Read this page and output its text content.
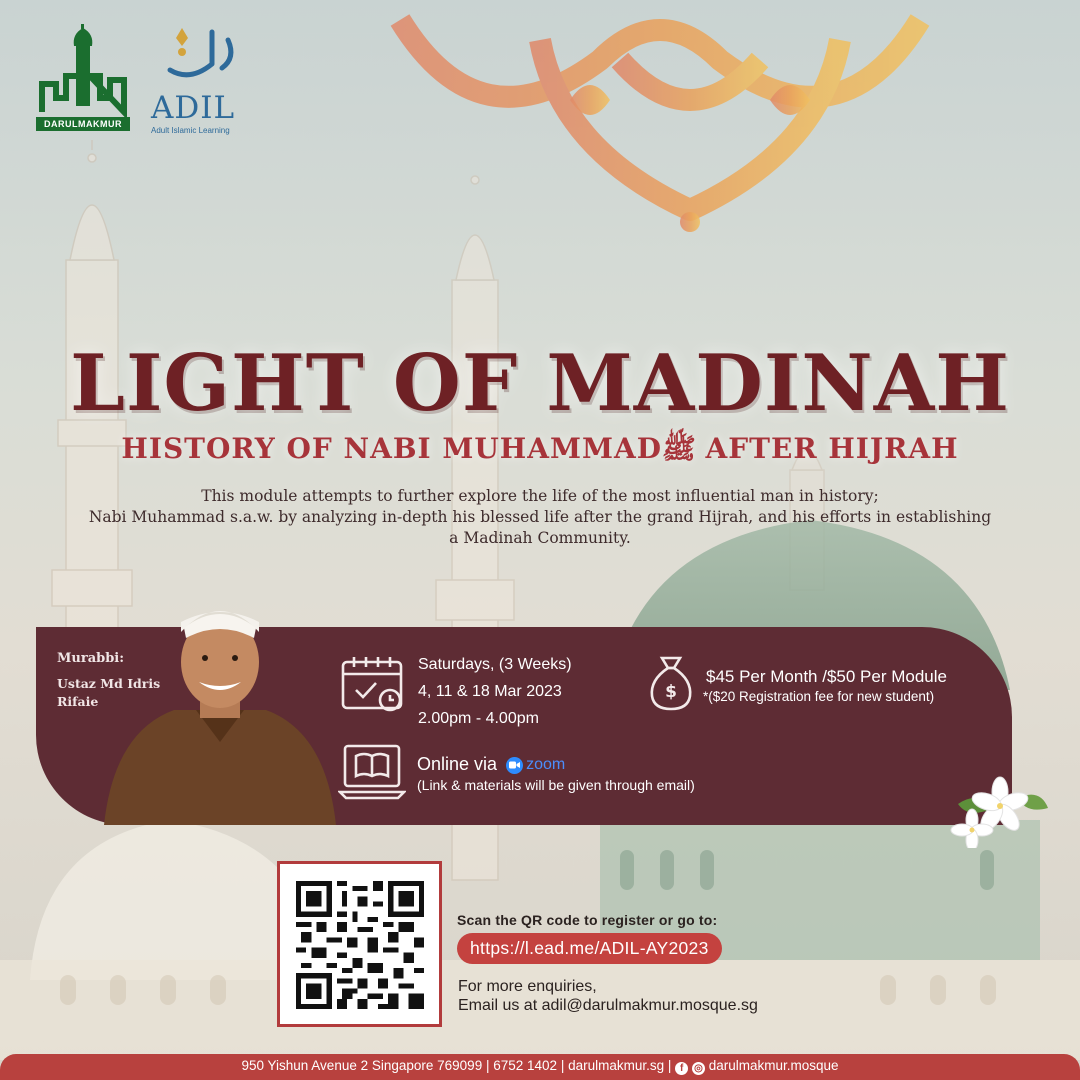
DARULMAKMUR ADIL
Adult Islamic Learning
LIGHT OF MADINAH
HISTORY OF NABI MUHAMMADﷺ AFTER HIJRAH
This module attempts to further explore the life of the most influential man in history;
Nabi Muhammad s.a.w. by analyzing in-depth his blessed life after the grand Hijrah, and his efforts in establishing
a Madinah Community.
Murabbi:
Ustaz Md Idris
Rifaie
Saturdays, (3 Weeks)
4, 11 & 18 Mar 2023
2.00pm - 4.00pm
$
$45 Per Month /$50 Per Module
*($20 Registration fee for new student)
Online via zoom
(Link & materials will be given through email)
Scan the QR code to register or go to:
https://l.ead.me/ADIL-AY2023
For more enquiries,
Email us at adil@darulmakmur.mosque.sg
950 Yishun Avenue 2 Singapore 769099 | 6752 1402 | darulmakmur.sg | f ◎ darulmakmur.mosque
